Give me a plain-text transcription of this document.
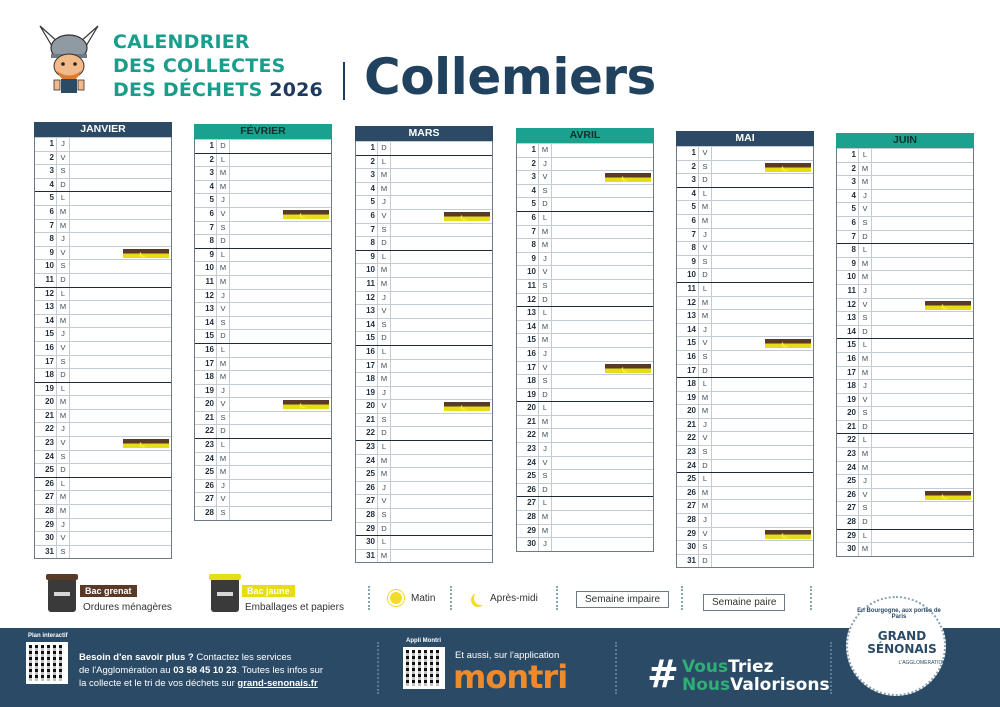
CALENDRIER
DES COLLECTES
DES DÉCHETS 2026 Collemiers
JANVIER
1 J
2 V
3 S
4 D
5 L
6 M
7 M
8 J
9 V
10 S
11 D
12 L
13 M
14 M
15 J
16 V
17 S
18 D
19 L
20 M
21 M
22 J
23 V
24 S
25 D
26 L
27 M
28 M
29 J
30 V
31 S
FÉVRIER
1 D
2 L
3 M
4 M
5 J
6 V
7 S
8 D
9 L
10 M
11 M
12 J
13 V
14 S
15 D
16 L
17 M
18 M
19 J
20 V
21 S
22 D
23 L
24 M
25 M
26 J
27 V
28 S
MARS
1 D
2 L
3 M
4 M
5 J
6 V
7 S
8 D
9 L
10 M
11 M
12 J
13 V
14 S
15 D
16 L
17 M
18 M
19 J
20 V
21 S
22 D
23 L
24 M
25 M
26 J
27 V
28 S
29 D
30 L
31 M
AVRIL
1 M
2 J
3 V
4 S
5 D
6 L
7 M
8 M
9 J
10 V
11 S
12 D
13 L
14 M
15 M
16 J
17 V
18 S
19 D
20 L
21 M
22 M
23 J
24 V
25 S
26 D
27 L
28 M
29 M
30 J
MAI
1 V
2 S
3 D
4 L
5 M
6 M
7 J
8 V
9 S
10 D
11 L
12 M
13 M
14 J
15 V
16 S
17 D
18 L
19 M
20 M
21 J
22 V
23 S
24 D
25 L
26 M
27 M
28 J
29 V
30 S
31 D
JUIN
1 L
2 M
3 M
4 J
5 V
6 S
7 D
8 L
9 M
10 M
11 J
12 V
13 S
14 D
15 L
16 M
17 M
18 J
19 V
20 S
21 D
22 L
23 M
24 M
25 J
26 V
27 S
28 D
29 L
30 M
Bac grenat
Ordures ménagères
Bac jaune
Emballages et papiers
Matin	Après-midi	Semaine impaire	Semaine paire
Plan interactif
Besoin d'en savoir plus ? Contactez les services
de l'Agglomération au 03 58 45 10 23. Toutes les infos sur
la collecte et le tri de vos déchets sur grand-senonais.fr
Appli Montri
Et aussi, sur l'application
montri # VousTriez
NousValorisons
En Bourgogne, aux portes de Paris
GRAND
SÉNONAIS
L'AGGLOMÉRATION
